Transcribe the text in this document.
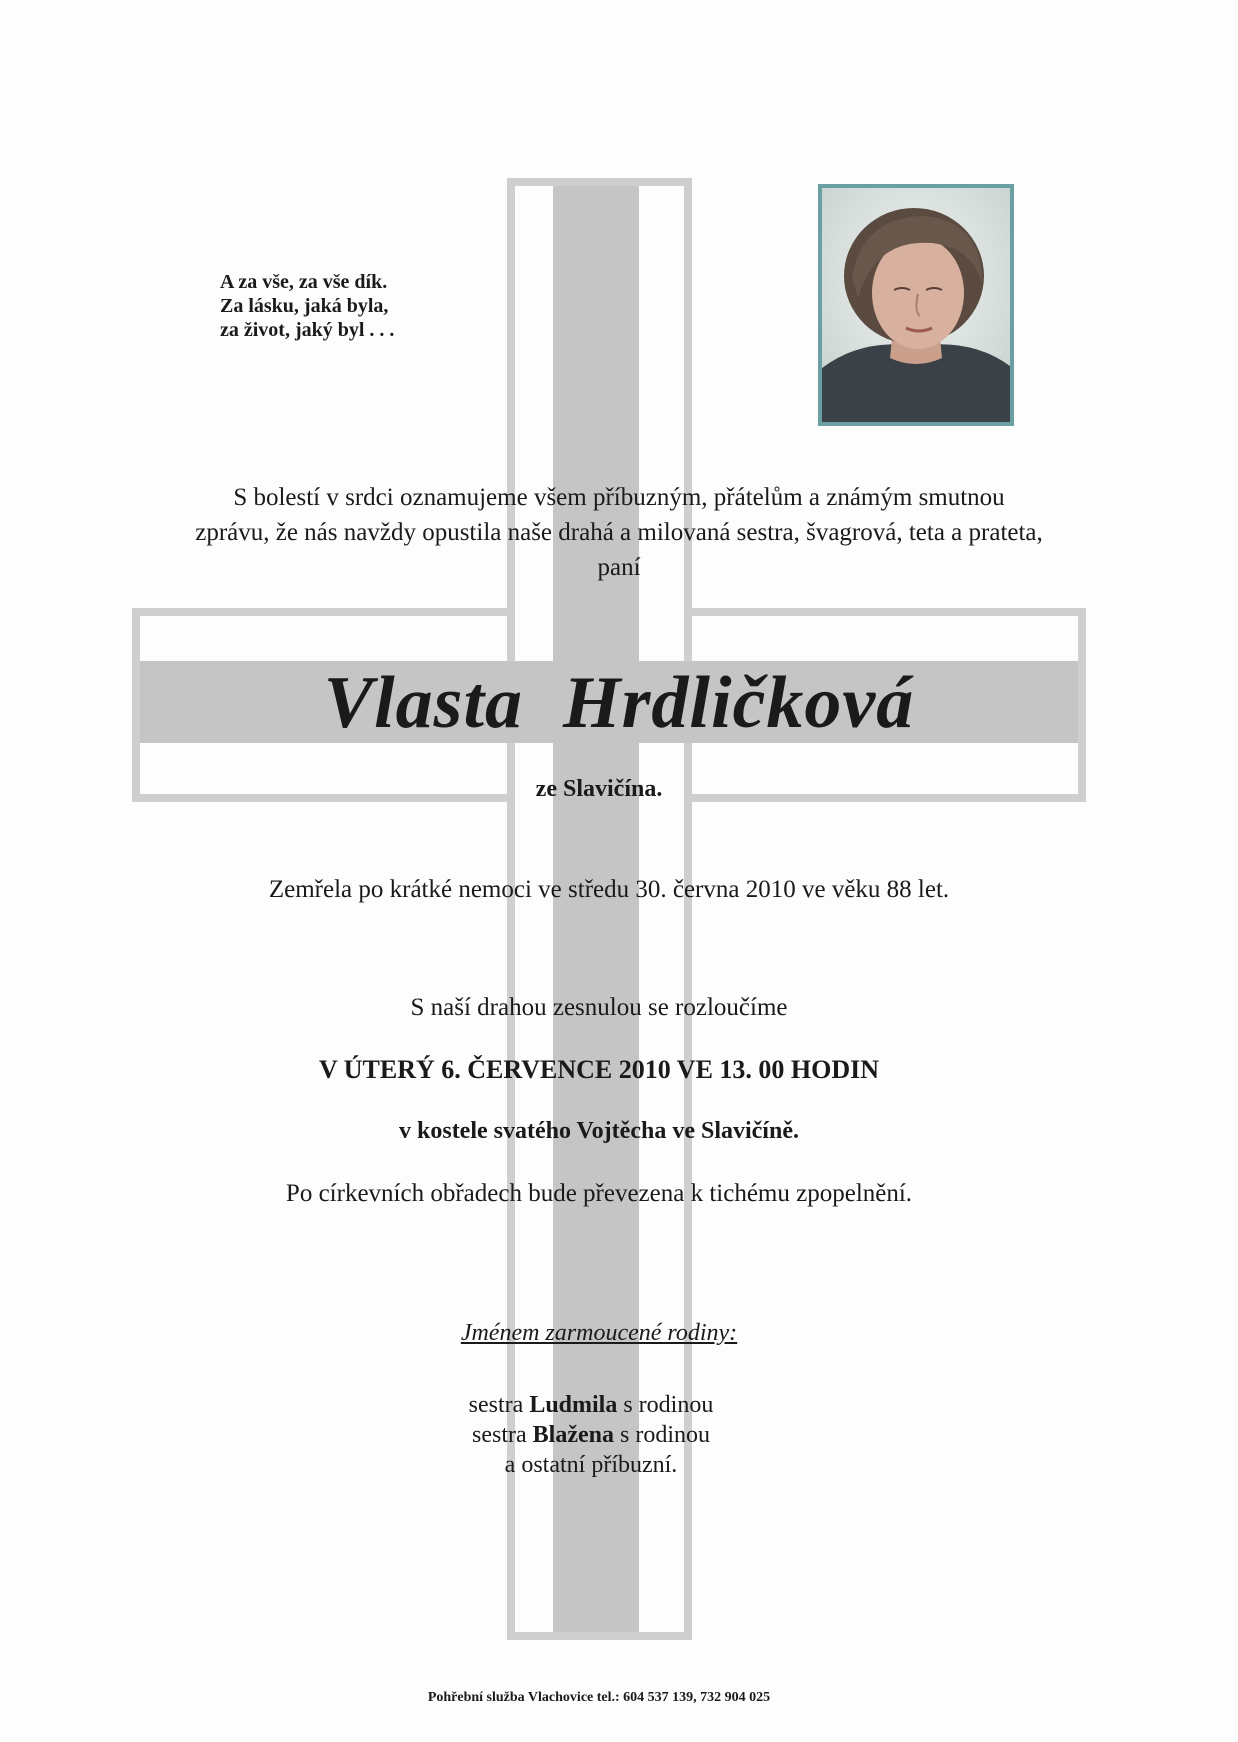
A za vše, za vše dík.
Za lásku, jaká byla,
za život, jaký byl . . .
S bolestí v srdci oznamujeme všem příbuzným, přátelům a známým smutnou
zprávu, že nás navždy opustila naše drahá a milovaná sestra, švagrová, teta a prateta,
paní
Vlasta Hrdličková
ze Slavičína.
Zemřela po krátké nemoci ve středu 30. června 2010 ve věku 88 let.
S naší drahou zesnulou se rozloučíme
V ÚTERÝ 6. ČERVENCE 2010 VE 13. 00 HODIN
v kostele svatého Vojtěcha ve Slavičíně.
Po církevních obřadech bude převezena k tichému zpopelnění.
Jménem zarmoucené rodiny:
sestra Ludmila s rodinou
sestra Blažena s rodinou
a ostatní příbuzní.
Pohřební služba Vlachovice tel.: 604 537 139, 732 904 025
